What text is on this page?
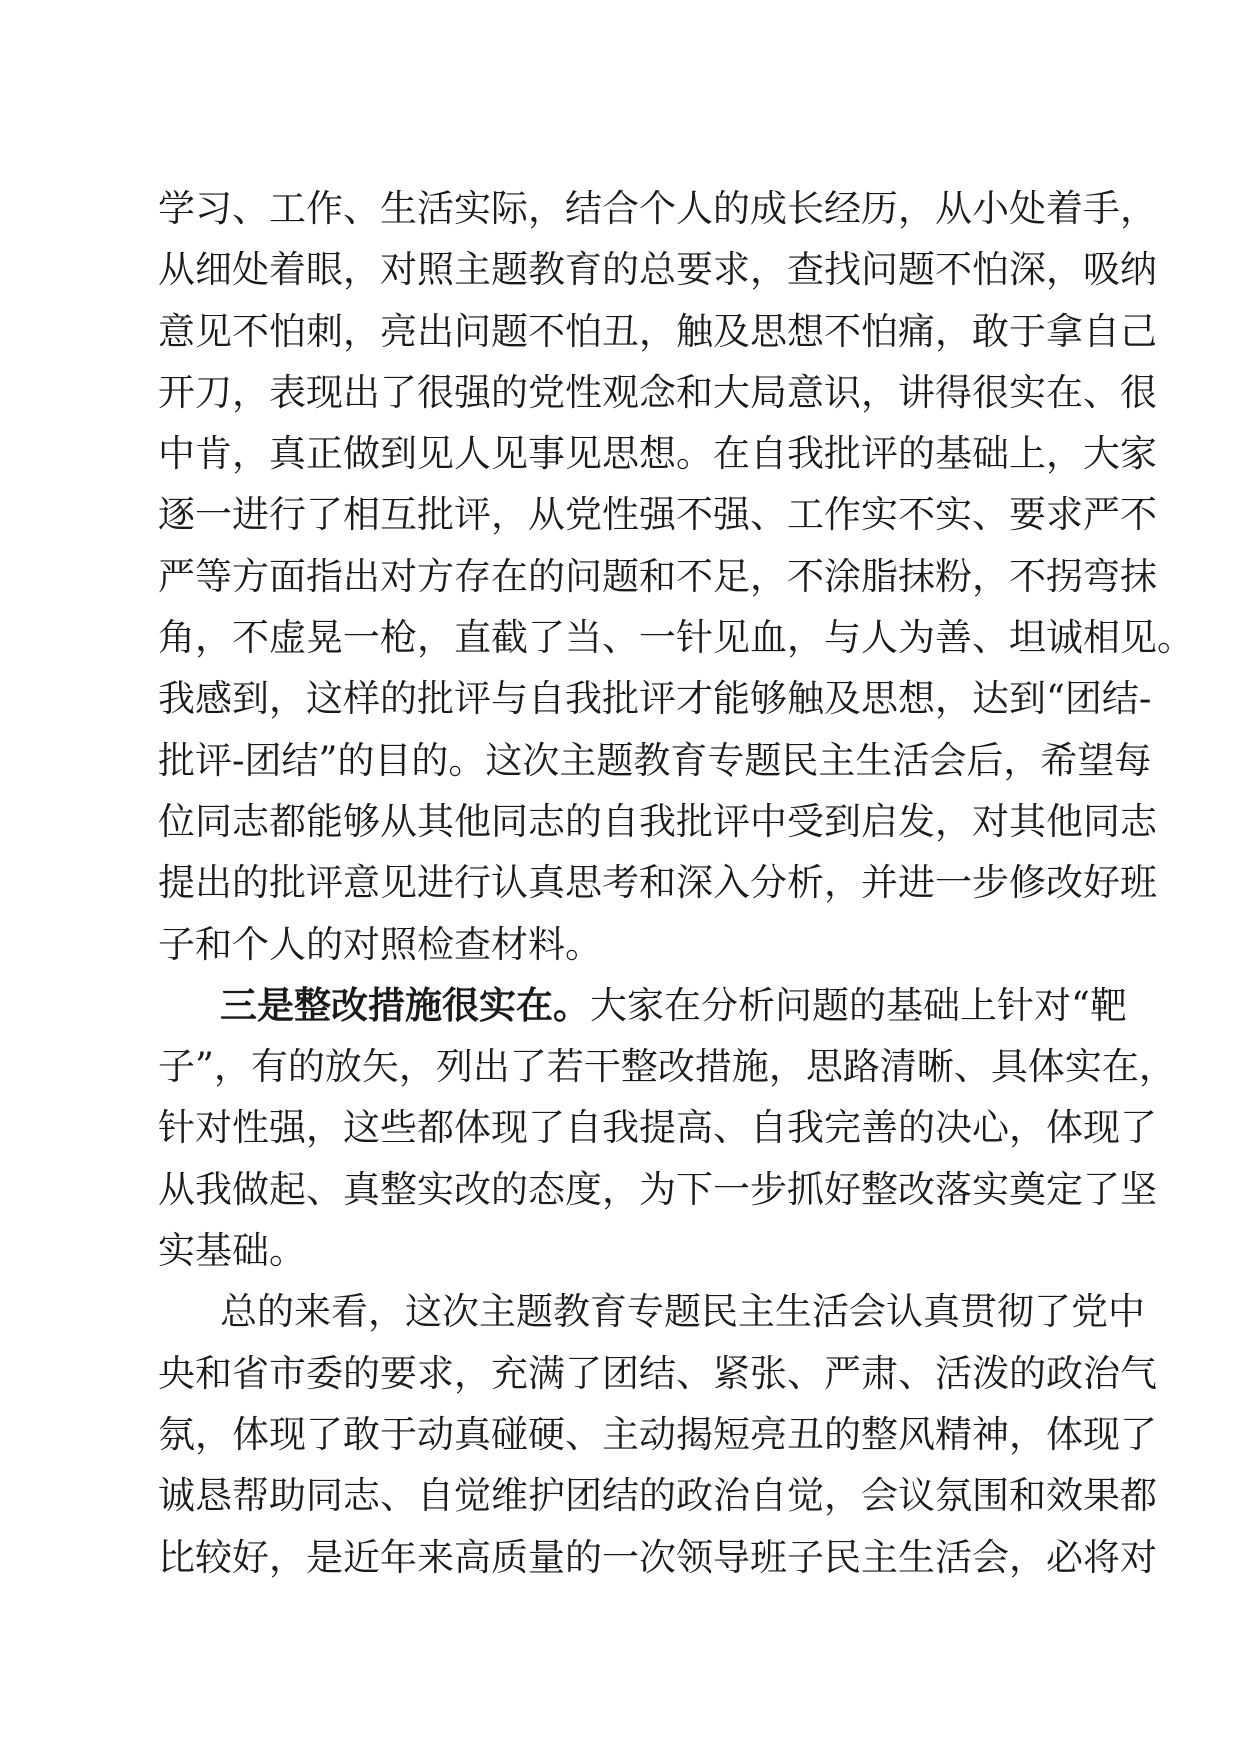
学习、工作、生活实际，结合个人的成长经历，从小处着手，
从细处着眼，对照主题教育的总要求，查找问题不怕深，吸纳
意见不怕刺，亮出问题不怕丑，触及思想不怕痛，敢于拿自己
开刀，表现出了很强的党性观念和大局意识，讲得很实在、很
中肯，真正做到见人见事见思想。在自我批评的基础上，大家
逐一进行了相互批评，从党性强不强、工作实不实、要求严不
严等方面指出对方存在的问题和不足，不涂脂抹粉，不拐弯抹
角，不虚晃一枪，直截了当、一针见血，与人为善、坦诚相见。
我感到，这样的批评与自我批评才能够触及思想，达到“团结-
批评-团结”的目的。这次主题教育专题民主生活会后，希望每
位同志都能够从其他同志的自我批评中受到启发，对其他同志
提出的批评意见进行认真思考和深入分析，并进一步修改好班
子和个人的对照检查材料。
三是整改措施很实在。大家在分析问题的基础上针对“靶
子”，有的放矢，列出了若干整改措施，思路清晰、具体实在，
针对性强，这些都体现了自我提高、自我完善的决心，体现了
从我做起、真整实改的态度，为下一步抓好整改落实奠定了坚
实基础。
总的来看，这次主题教育专题民主生活会认真贯彻了党中
央和省市委的要求，充满了团结、紧张、严肃、活泼的政治气
氛，体现了敢于动真碰硬、主动揭短亮丑的整风精神，体现了
诚恳帮助同志、自觉维护团结的政治自觉，会议氛围和效果都
比较好，是近年来高质量的一次领导班子民主生活会，必将对
